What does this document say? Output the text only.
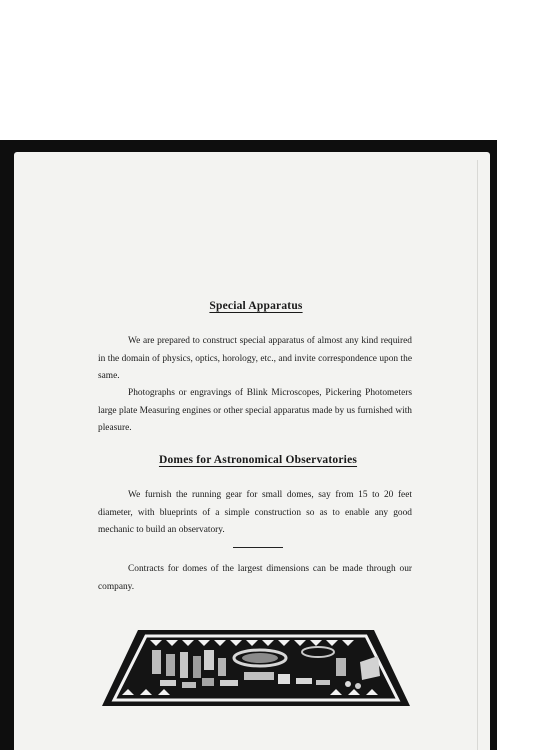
Special Apparatus
We are prepared to construct special apparatus of almost any kind required in the domain of physics, optics, horology, etc., and invite correspondence upon the same.
Photographs or engravings of Blink Microscopes, Pickering Photometers large plate Measuring engines or other special apparatus made by us furnished with pleasure.
Domes for Astronomical Observatories
We furnish the running gear for small domes, say from 15 to 20 feet diameter, with blueprints of a simple construction so as to enable any good mechanic to build an observatory.
Contracts for domes of the largest dimensions can be made through our company.
